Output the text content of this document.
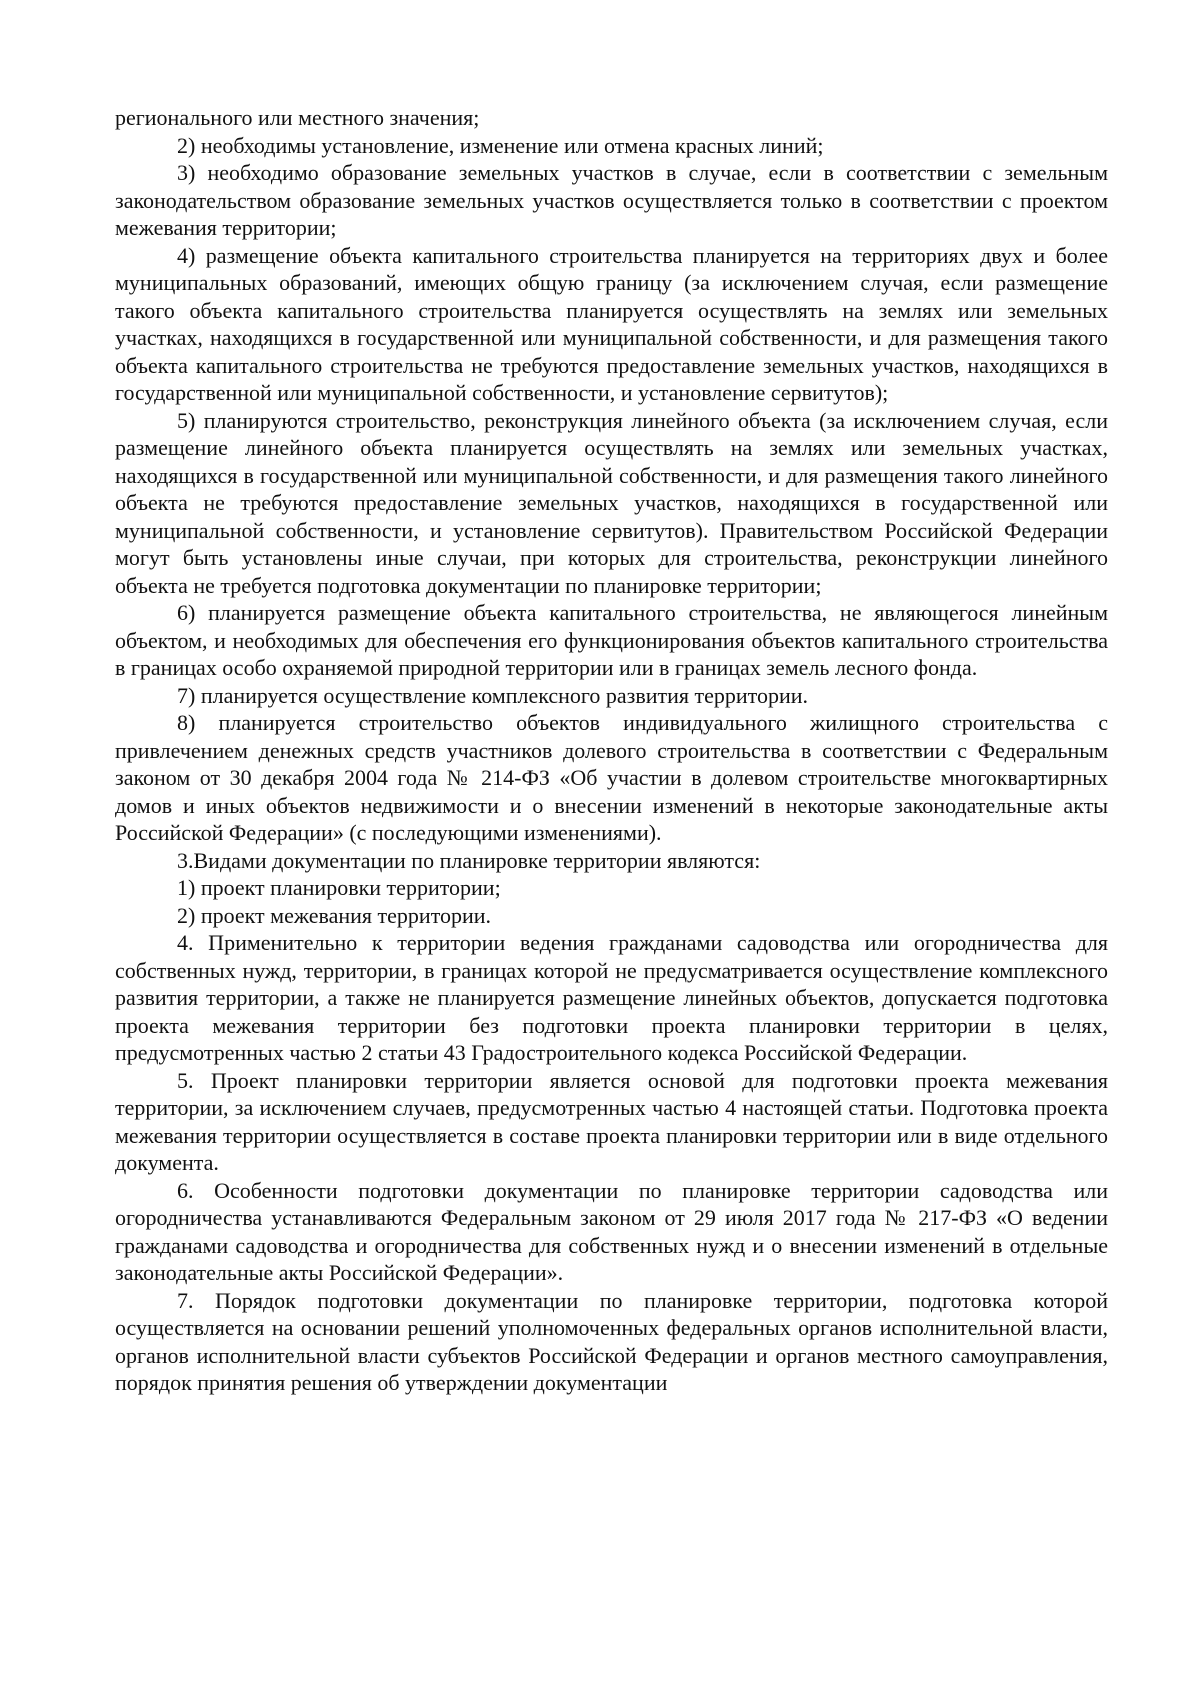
регионального или местного значения;

2) необходимы установление, изменение или отмена красных линий;

3) необходимо образование земельных участков в случае, если в соответствии с земельным законодательством образование земельных участков осуществляется только в соответствии с проектом межевания территории;

4) размещение объекта капитального строительства планируется на территориях двух и более муниципальных образований, имеющих общую границу (за исключением случая, если размещение такого объекта капитального строительства планируется осуществлять на землях или земельных участках, находящихся в государственной или муниципальной собственности, и для размещения такого объекта капитального строительства не требуются предоставление земельных участков, находящихся в государственной или муниципальной собственности, и установление сервитутов);

5) планируются строительство, реконструкция линейного объекта (за исключением случая, если размещение линейного объекта планируется осуществлять на землях или земельных участках, находящихся в государственной или муниципальной собственности, и для размещения такого линейного объекта не требуются предоставление земельных участков, находящихся в государственной или муниципальной собственности, и установление сервитутов). Правительством Российской Федерации могут быть установлены иные случаи, при которых для строительства, реконструкции линейного объекта не требуется подготовка документации по планировке территории;

6) планируется размещение объекта капитального строительства, не являющегося линейным объектом, и необходимых для обеспечения его функционирования объектов капитального строительства в границах особо охраняемой природной территории или в границах земель лесного фонда.

7) планируется осуществление комплексного развития территории.

8) планируется строительство объектов индивидуального жилищного строительства с привлечением денежных средств участников долевого строительства в соответствии с Федеральным законом от 30 декабря 2004 года № 214-ФЗ «Об участии в долевом строительстве многоквартирных домов и иных объектов недвижимости и о внесении изменений в некоторые законодательные акты Российской Федерации» (с последующими изменениями).

3.Видами документации по планировке территории являются:

1) проект планировки территории;

2) проект межевания территории.

4. Применительно к территории ведения гражданами садоводства или огородничества для собственных нужд, территории, в границах которой не предусматривается осуществление комплексного развития территории, а также не планируется размещение линейных объектов, допускается подготовка проекта межевания территории без подготовки проекта планировки территории в целях, предусмотренных частью 2 статьи 43 Градостроительного кодекса Российской Федерации.

5. Проект планировки территории является основой для подготовки проекта межевания территории, за исключением случаев, предусмотренных частью 4 настоящей статьи. Подготовка проекта межевания территории осуществляется в составе проекта планировки территории или в виде отдельного документа.

6. Особенности подготовки документации по планировке территории садоводства или огородничества устанавливаются Федеральным законом от 29 июля 2017 года № 217-ФЗ «О ведении гражданами садоводства и огородничества для собственных нужд и о внесении изменений в отдельные законодательные акты Российской Федерации».

7. Порядок подготовки документации по планировке территории, подготовка которой осуществляется на основании решений уполномоченных федеральных органов исполнительной власти, органов исполнительной власти субъектов Российской Федерации и органов местного самоуправления, порядок принятия решения об утверждении документации
